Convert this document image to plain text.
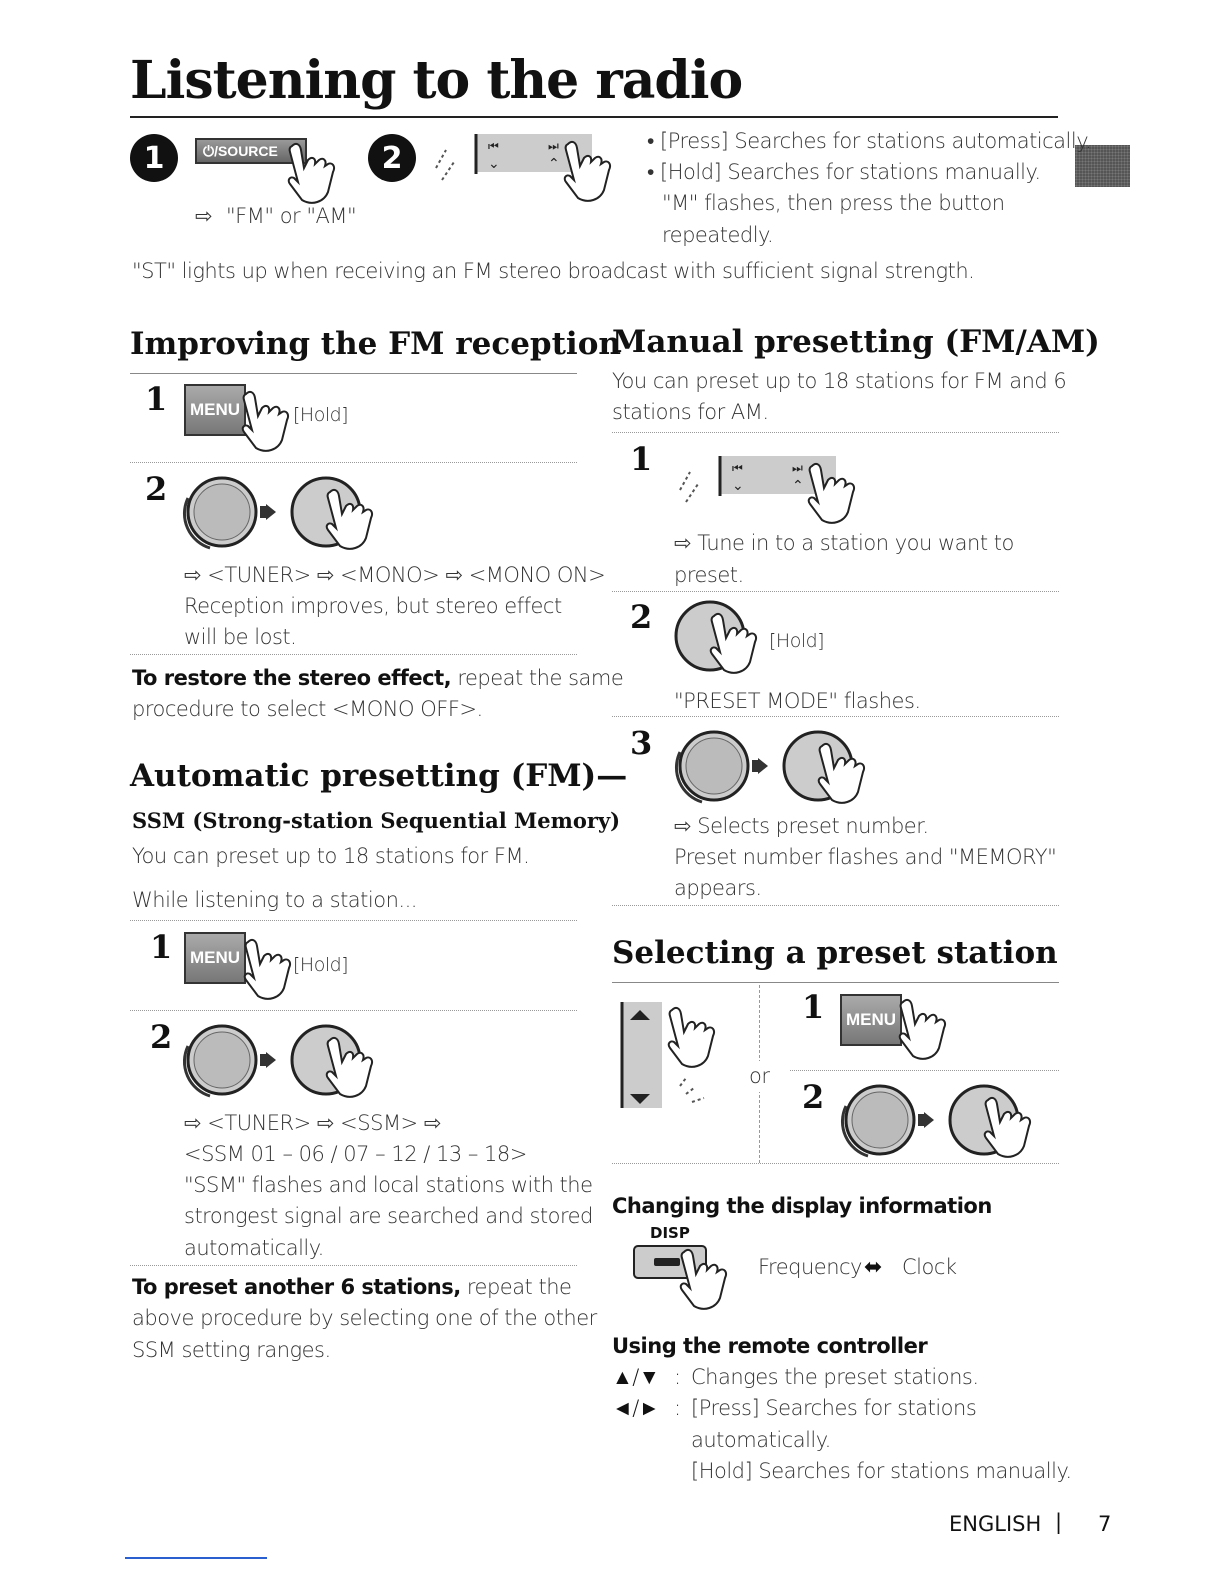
Listening to the radio
1	⏻/SOURCE
⇨ "FM" or "AM"
2	⏮
⌄
⏭
⌃
• [Press] Searches for stations automatically.
• [Hold] Searches for stations manually.
"M" flashes, then press the button
repeatedly.
"ST" lights up when receiving an FM stereo broadcast with sufficient signal strength.
Improving the FM reception
1	MENU	[Hold]
2
⇨ <TUNER> ⇨ <MONO> ⇨ <MONO ON>
Reception improves, but stereo effect
will be lost.
To restore the stereo effect, repeat the same
procedure to select <MONO OFF>.
Automatic presetting (FM)—
SSM (Strong-station Sequential Memory)
You can preset up to 18 stations for FM.
While listening to a station...
1	MENU	[Hold]
2
⇨ <TUNER> ⇨ <SSM> ⇨
<SSM 01 – 06 / 07 – 12 / 13 – 18>
"SSM" flashes and local stations with the
strongest signal are searched and stored
automatically.
To preset another 6 stations, repeat the
above procedure by selecting one of the other
SSM setting ranges.
Manual presetting (FM/AM)
You can preset up to 18 stations for FM and 6
stations for AM.
1	⏮
⌄
⏭
⌃
⇨ Tune in to a station you want to
preset.
2
[Hold]
"PRESET MODE" flashes.
3
⇨ Selects preset number.
Preset number flashes and "MEMORY"
appears.
Selecting a preset station
or
1	MENU
2
Changing the display information
DISP
Frequency ⬌ Clock
Using the remote controller
▲/▼ : Changes the preset stations.
◄/► : [Press] Searches for stations
automatically.
[Hold] Searches for stations manually.
ENGLISH | 7
